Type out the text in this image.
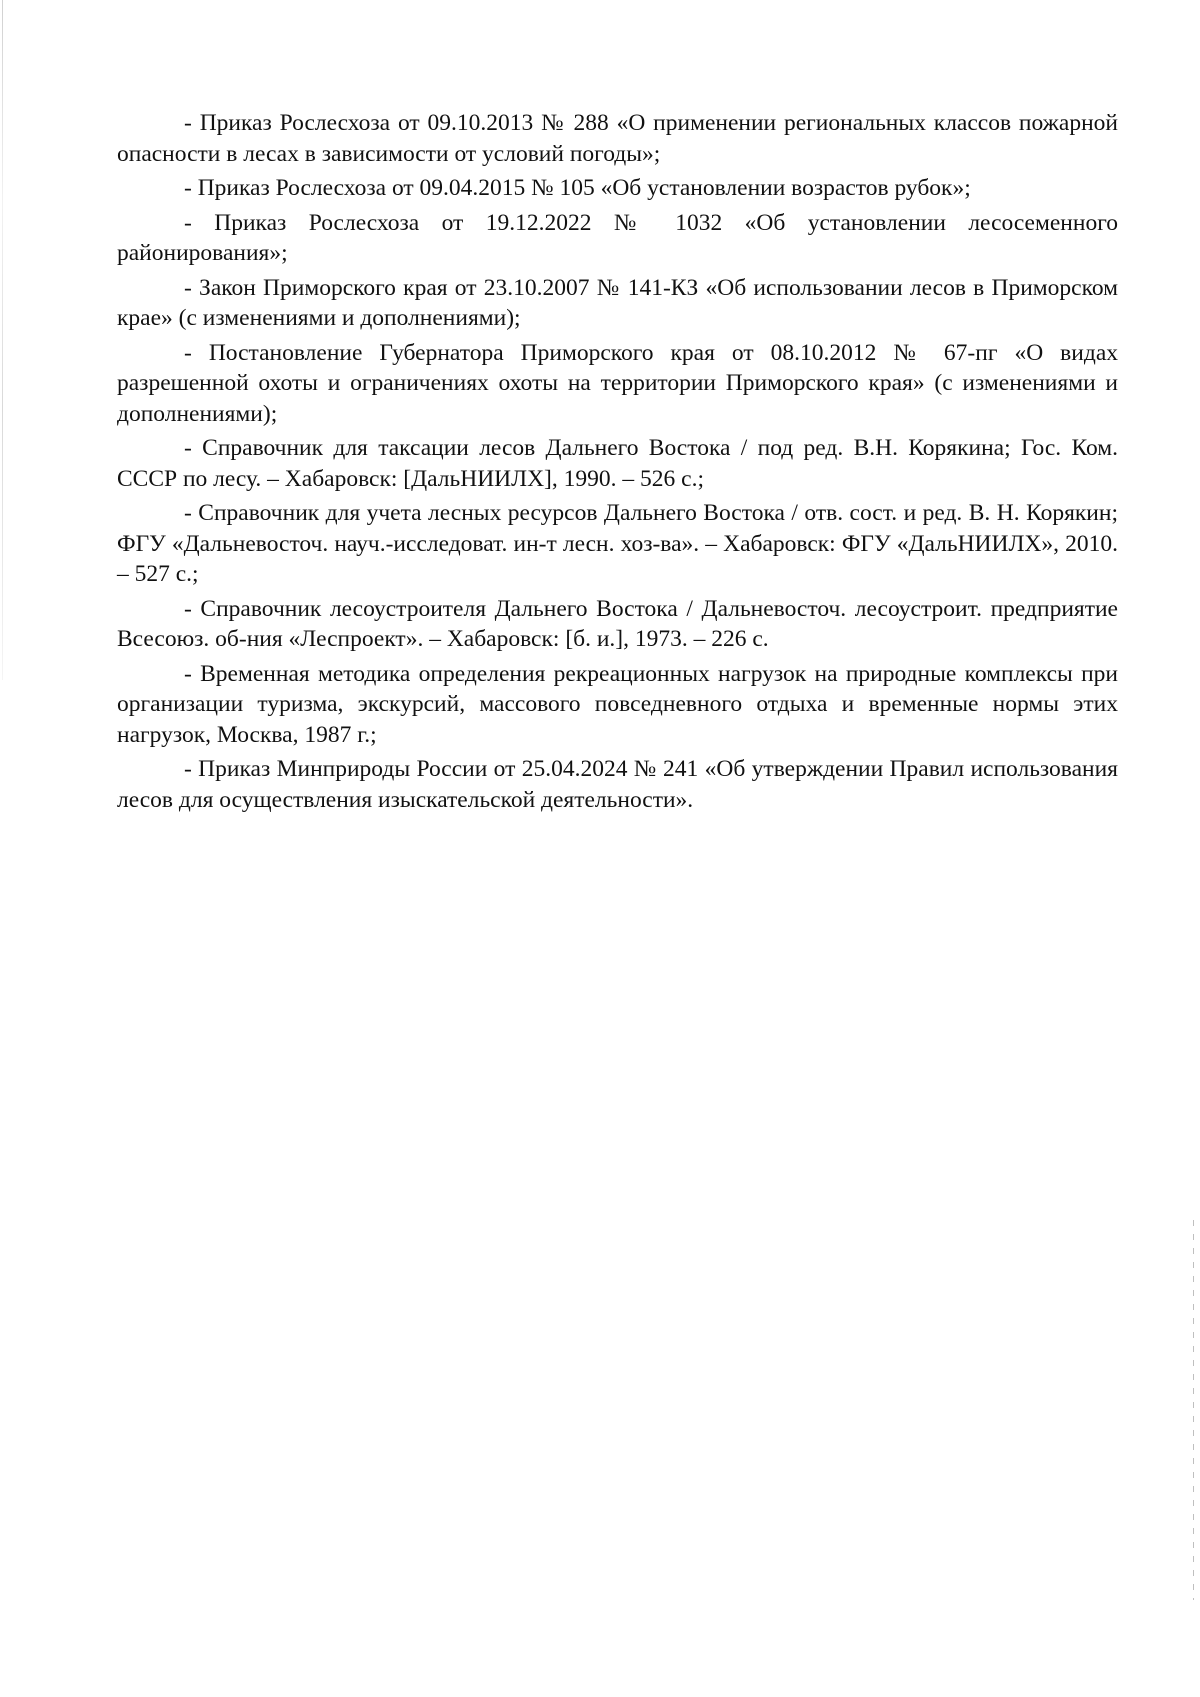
- Приказ Рослесхоза от 09.10.2013 № 288 «О применении региональных классов пожарной опасности в лесах в зависимости от условий погоды»;

- Приказ Рослесхоза от 09.04.2015 № 105 «Об установлении возрастов рубок»;

- Приказ Рослесхоза от 19.12.2022 № 1032 «Об установлении лесосеменного районирования»;

- Закон Приморского края от 23.10.2007 № 141-КЗ «Об использовании лесов в Приморском крае» (с изменениями и дополнениями);

- Постановление Губернатора Приморского края от 08.10.2012 № 67-пг «О видах разрешенной охоты и ограничениях охоты на территории Приморского края» (с изменениями и дополнениями);

- Справочник для таксации лесов Дальнего Востока / под ред. В.Н. Корякина; Гос. Ком. СССР по лесу. – Хабаровск: [ДальНИИЛХ], 1990. – 526 с.;

- Справочник для учета лесных ресурсов Дальнего Востока / отв. сост. и ред. В. Н. Корякин; ФГУ «Дальневосточ. науч.-исследоват. ин-т лесн. хоз-ва». – Хабаровск: ФГУ «ДальНИИЛХ», 2010. – 527 с.;

- Справочник лесоустроителя Дальнего Востока / Дальневосточ. лесоустроит. предприятие Всесоюз. об-ния «Леспроект». – Хабаровск: [б. и.], 1973. – 226 с.

- Временная методика определения рекреационных нагрузок на природные комплексы при организации туризма, экскурсий, массового повседневного отдыха и временные нормы этих нагрузок, Москва, 1987 г.;

- Приказ Минприроды России от 25.04.2024 № 241 «Об утверждении Правил использования лесов для осуществления изыскательской деятельности».
